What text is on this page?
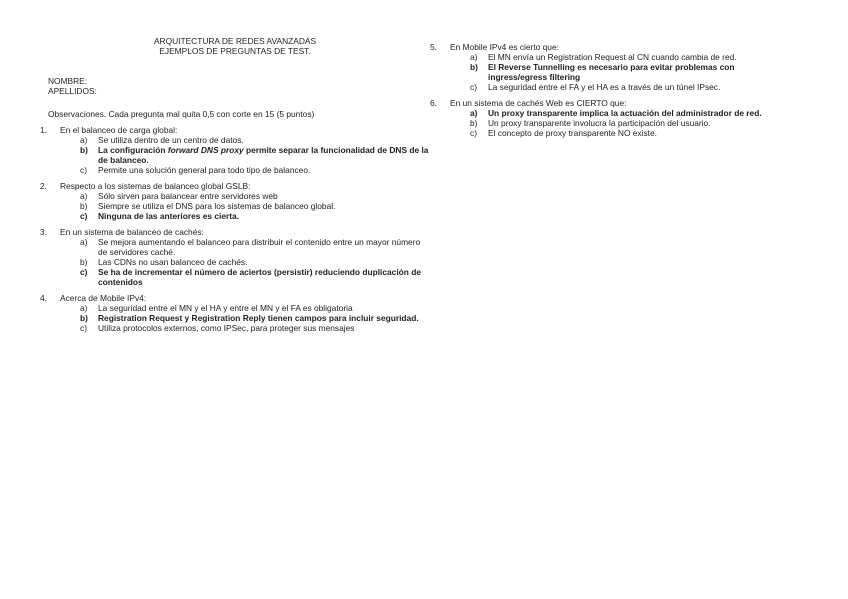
ARQUITECTURA DE REDES AVANZADAS
EJEMPLOS DE PREGUNTAS DE TEST.
NOMBRE:
APELLIDOS:
Observaciones. Cada pregunta mal quita 0,5 con corte en 15 (5 puntos)
1. En el balanceo de carga global:
a) Se utiliza dentro de un centro de datos.
b) La configuración forward DNS proxy permite separar la funcionalidad de DNS de la de balanceo.
c) Permite una solución general para todo tipo de balanceo.
2. Respecto a los sistemas de balanceo global GSLB:
a) Sólo sirven para balancear entre servidores web
b) Siempre se utiliza el DNS para los sistemas de balanceo global.
c) Ninguna de las anteriores es cierta.
3. En un sistema de balanceo de cachés:
a) Se mejora aumentando el balanceo para distribuir el contenido entre un mayor número de servidores caché.
b) Las CDNs no usan balanceo de cachés.
c) Se ha de incrementar el número de aciertos (persistir) reduciendo duplicación de contenidos
4. Acerca de Mobile IPv4:
a) La seguridad entre el MN y el HA y entre el MN y el FA es obligatoria
b) Registration Request y Registration Reply tienen campos para incluir seguridad.
c) Utiliza protocolos externos, como IPSec, para proteger sus mensajes
5. En Mobile IPv4 es cierto que:
a) El MN envía un Registration Request al CN cuando cambia de red.
b) El Reverse Tunnelling es necesario para evitar problemas con ingress/egress filtering
c) La seguridad entre el FA y el HA es a través de un túnel IPsec.
6. En un sistema de cachés Web es CIERTO que:
a) Un proxy transparente implica la actuación del administrador de red.
b) Un proxy transparente involucra la participación del usuario.
c) El concepto de proxy transparente NO existe.
